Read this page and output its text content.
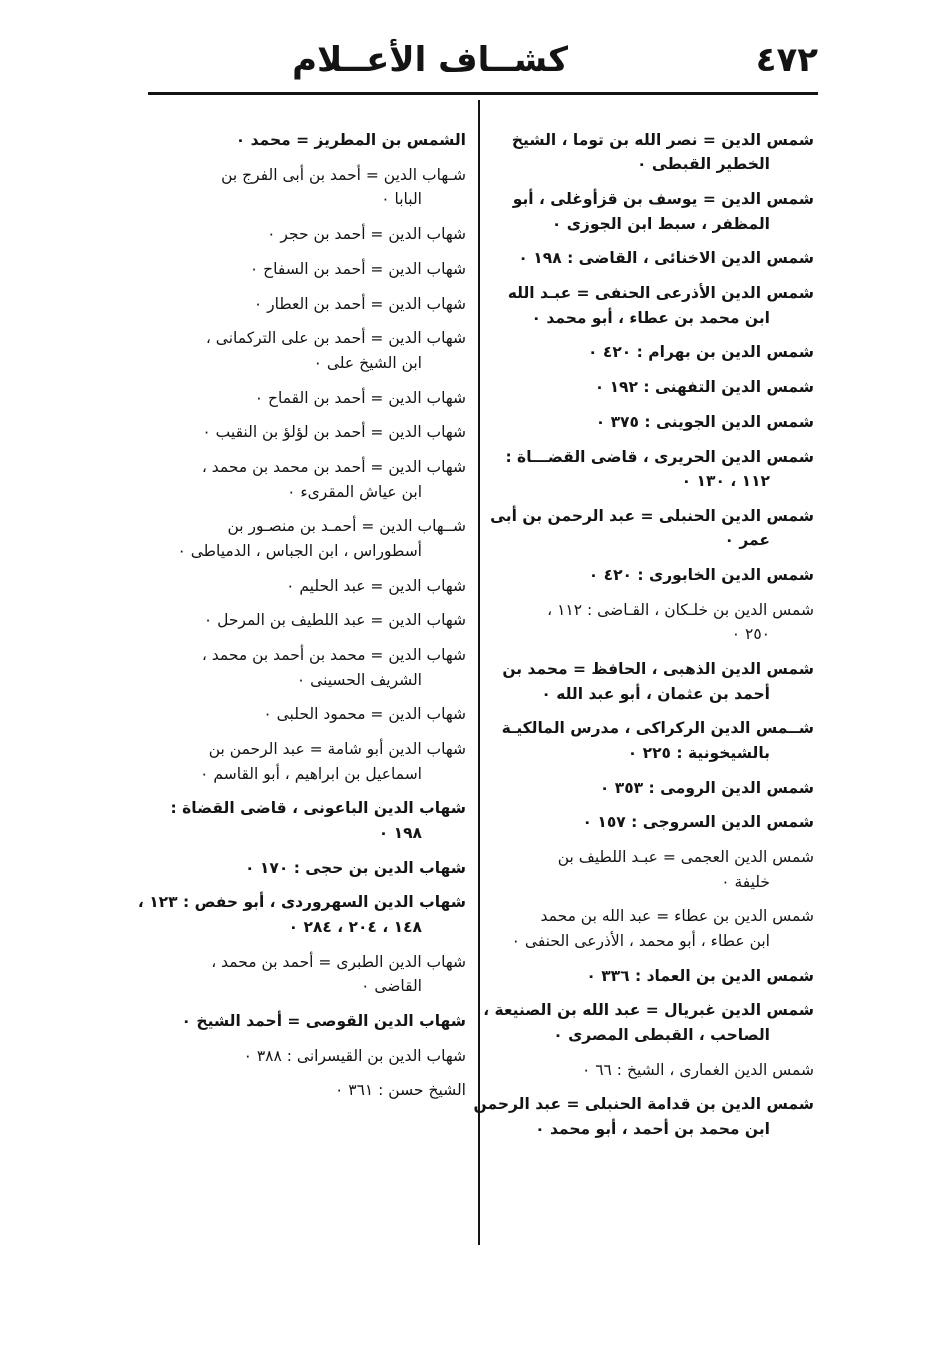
٤٧٢
كشــاف الأعــلام
شمس الدين = نصر الله بن توما ، الشيخ
الخطير القبطى ٠
شمس الدين = يوسف بن قزأوغلى ، أبو
المظفر ، سبط ابن الجوزى ٠
شمس الدين الاخنائى ، القاضى : ١٩٨ ٠
شمس الدين الأذرعى الحنفى = عبـد الله
ابن محمد بن عطاء ، أبو محمد ٠
شمس الدين بن بهرام : ٤٢٠ ٠
شمس الدين التفهنى : ١٩٢ ٠
شمس الدين الجوينى : ٣٧٥ ٠
شمس الدين الحريرى ، قاضى القضـــاة :
١١٢ ، ١٣٠ ٠
شمس الدين الحنبلى = عبد الرحمن بن أبى
عمر ٠
شمس الدين الخابورى : ٤٢٠ ٠
شمس الدين بن خلـكان ، القـاضى : ١١٢ ،
٢٥٠ ٠
شمس الدين الذهبى ، الحافظ = محمد بن
أحمد بن عثمان ، أبو عبد الله ٠
شــمس الدين الركراكى ، مدرس المالكيـة
بالشيخونية : ٢٢٥ ٠
شمس الدين الرومى : ٣٥٣ ٠
شمس الدين السروجى : ١٥٧ ٠
شمس الدين العجمى = عبـد اللطيف بن
خليفة ٠
شمس الدين بن عطاء = عبد الله بن محمد
ابن عطاء ، أبو محمد ، الأذرعى الحنفى ٠
شمس الدين بن العماد : ٣٣٦ ٠
شمس الدين غبريال = عبد الله بن الصنيعة ،
الصاحب ، القبطى المصرى ٠
شمس الدين الغمارى ، الشيخ : ٦٦ ٠
شمس الدين بن قدامة الحنبلى = عبد الرحمن
ابن محمد بن أحمد ، أبو محمد ٠
الشمس بن المطريز = محمد ٠
شـهاب الدين = أحمد بن أبى الفرج بن
البابا ٠
شهاب الدين = أحمد بن حجر ٠
شهاب الدين = أحمد بن السفاح ٠
شهاب الدين = أحمد بن العطار ٠
شهاب الدين = أحمد بن على التركمانى ،
ابن الشيخ على ٠
شهاب الدين = أحمد بن القماح ٠
شهاب الدين = أحمد بن لؤلؤ بن النقيب ٠
شهاب الدين = أحمد بن محمد بن محمد ،
ابن عياش المقرىء ٠
شــهاب الدين = أحمـد بن منصـور بن
أسطوراس ، ابن الجباس ، الدمياطى ٠
شهاب الدين = عبد الحليم ٠
شهاب الدين = عبد اللطيف بن المرحل ٠
شهاب الدين = محمد بن أحمد بن محمد ،
الشريف الحسينى ٠
شهاب الدين = محمود الحلبى ٠
شهاب الدين أبو شامة = عبد الرحمن بن
اسماعيل بن ابراهيم ، أبو القاسم ٠
شهاب الدين الباعونى ، قاضى القضاة :
١٩٨ ٠
شهاب الدين بن حجى : ١٧٠ ٠
شهاب الدين السهروردى ، أبو حفص : ١٢٣ ،
١٤٨ ، ٢٠٤ ، ٢٨٤ ٠
شهاب الدين الطبرى = أحمد بن محمد ،
القاضى ٠
شهاب الدين القوصى = أحمد الشيخ ٠
شهاب الدين بن القيسرانى : ٣٨٨ ٠
الشيخ حسن : ٣٦١ ٠
